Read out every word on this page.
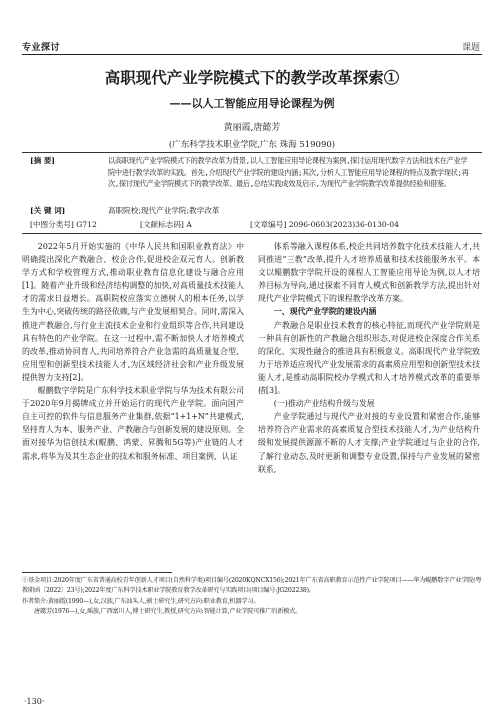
专业探讨	课题
高职现代产业学院模式下的教学改革探索①
——以人工智能应用导论课程为例
黄丽霞,唐懿芳
(广东科学技术职业学院,广东 珠海 519090)
[摘 要]	以高职现代产业学院模式下的教学改革为背景,以人工智能应用导论课程为案例,探讨运用现代数字方法和技术在产业学院中进行教学改革的实践。首先,介绍现代产业学院的建设内涵;其次,分析人工智能应用导论课程的特点及教学现状;再次,探讨现代产业学院模式下的教学改革。最后,总结实践成效及启示,为现代产业学院教学改革提供经验和借鉴。
[关 键 词]	高职院校;现代产业学院;教学改革
[中图分类号] G712	[文献标志码] A	[文章编号] 2096-0603(2023)36-0130-04

2022年5月开始实施的《中华人民共和国职业教育法》中明确提出深化产教融合、校企合作,促进校企双元育人。创新教学方式和学校管理方式,推动职业教育信息化建设与融合应用[1]。随着产业升级和经济结构调整的加快,对高质量技术技能人才的需求日益增长。高职院校应落实立德树人的根本任务,以学生为中心,突破传统的路径依赖,与产业发展相契合。同时,需深入推进产教融合,与行业主流技术企业和行业组织等合作,共同建设具有特色的产业学院。在这一过程中,需不断加快人才培养模式的改革,推动协同育人,共同培养符合产业急需的高质量复合型、应用型和创新型技术技能人才,为区域经济社会和产业升级发展提供智力支持[2]。

鲲鹏数字学院是广东科学技术职业学院与华为技术有限公司于2020年9月揭牌成立并开始运行的现代产业学院。面向国产自主可控的软件与信息服务产业集群,依据“1+1+N”共建模式,坚持育人为本、服务产业、产教融合与创新发展的建设原则。全面对接华为信创技术(鲲鹏、鸿蒙、昇腾和5G等)产业链的人才需求,将华为及其生态企业的技术和服务标准、项目案例、认证

体系等融入课程体系,校企共同培养数字化技术技能人才,共同推进“三教”改革,提升人才培养质量和技术技能服务水平。本文以鲲鹏数字学院开设的课程人工智能应用导论为例,以人才培养目标为导向,通过探索不同育人模式和创新教学方法,提出针对现代产业学院模式下的课程教学改革方案。

一、现代产业学院的建设内涵

产教融合是职业技术教育的核心特征,而现代产业学院则是一种具有创新性的产教融合组织形态,对促进校企深度合作关系的深化、实现性融合的推进具有积极意义。高职现代产业学院致力于培养适应现代产业发展需求的高素质应用型和创新型技术技能人才,是推动高职院校办学模式和人才培养模式改革的重要举措[3]。

(一)推动产业结构升级与发展

产业学院通过与现代产业对接的专业设置和紧密合作,能够培养符合产业需求的高素质复合型技术技能人才,为产业结构升级和发展提供源源不断的人才支撑;产业学院通过与企业的合作,了解行业动态,及时更新和调整专业设置,保持与产业发展的紧密联系,

①基金项目:2020年度广东省普通高校青年创新人才项目(自然科学类)项目编号(2020KQNCX156);2021年广东省高职教育示范性产业学院项目——华为鲲鹏数字产业学院(粤教职函〔2022〕23号);2022年度广东科学技术职业学院教育教学改革研究与实践项目(项目编号:JG202238)。

作者简介:黄丽霞(1990—),女,汉族,广东汕头人,硕士研究生,研究方向:职业教育,机器学习。

唐懿芳(1976—),女,瑶族,广西富川人,博士研究生,教授,研究方向:智能计算,产业学院可推广的新模式。

·130·
